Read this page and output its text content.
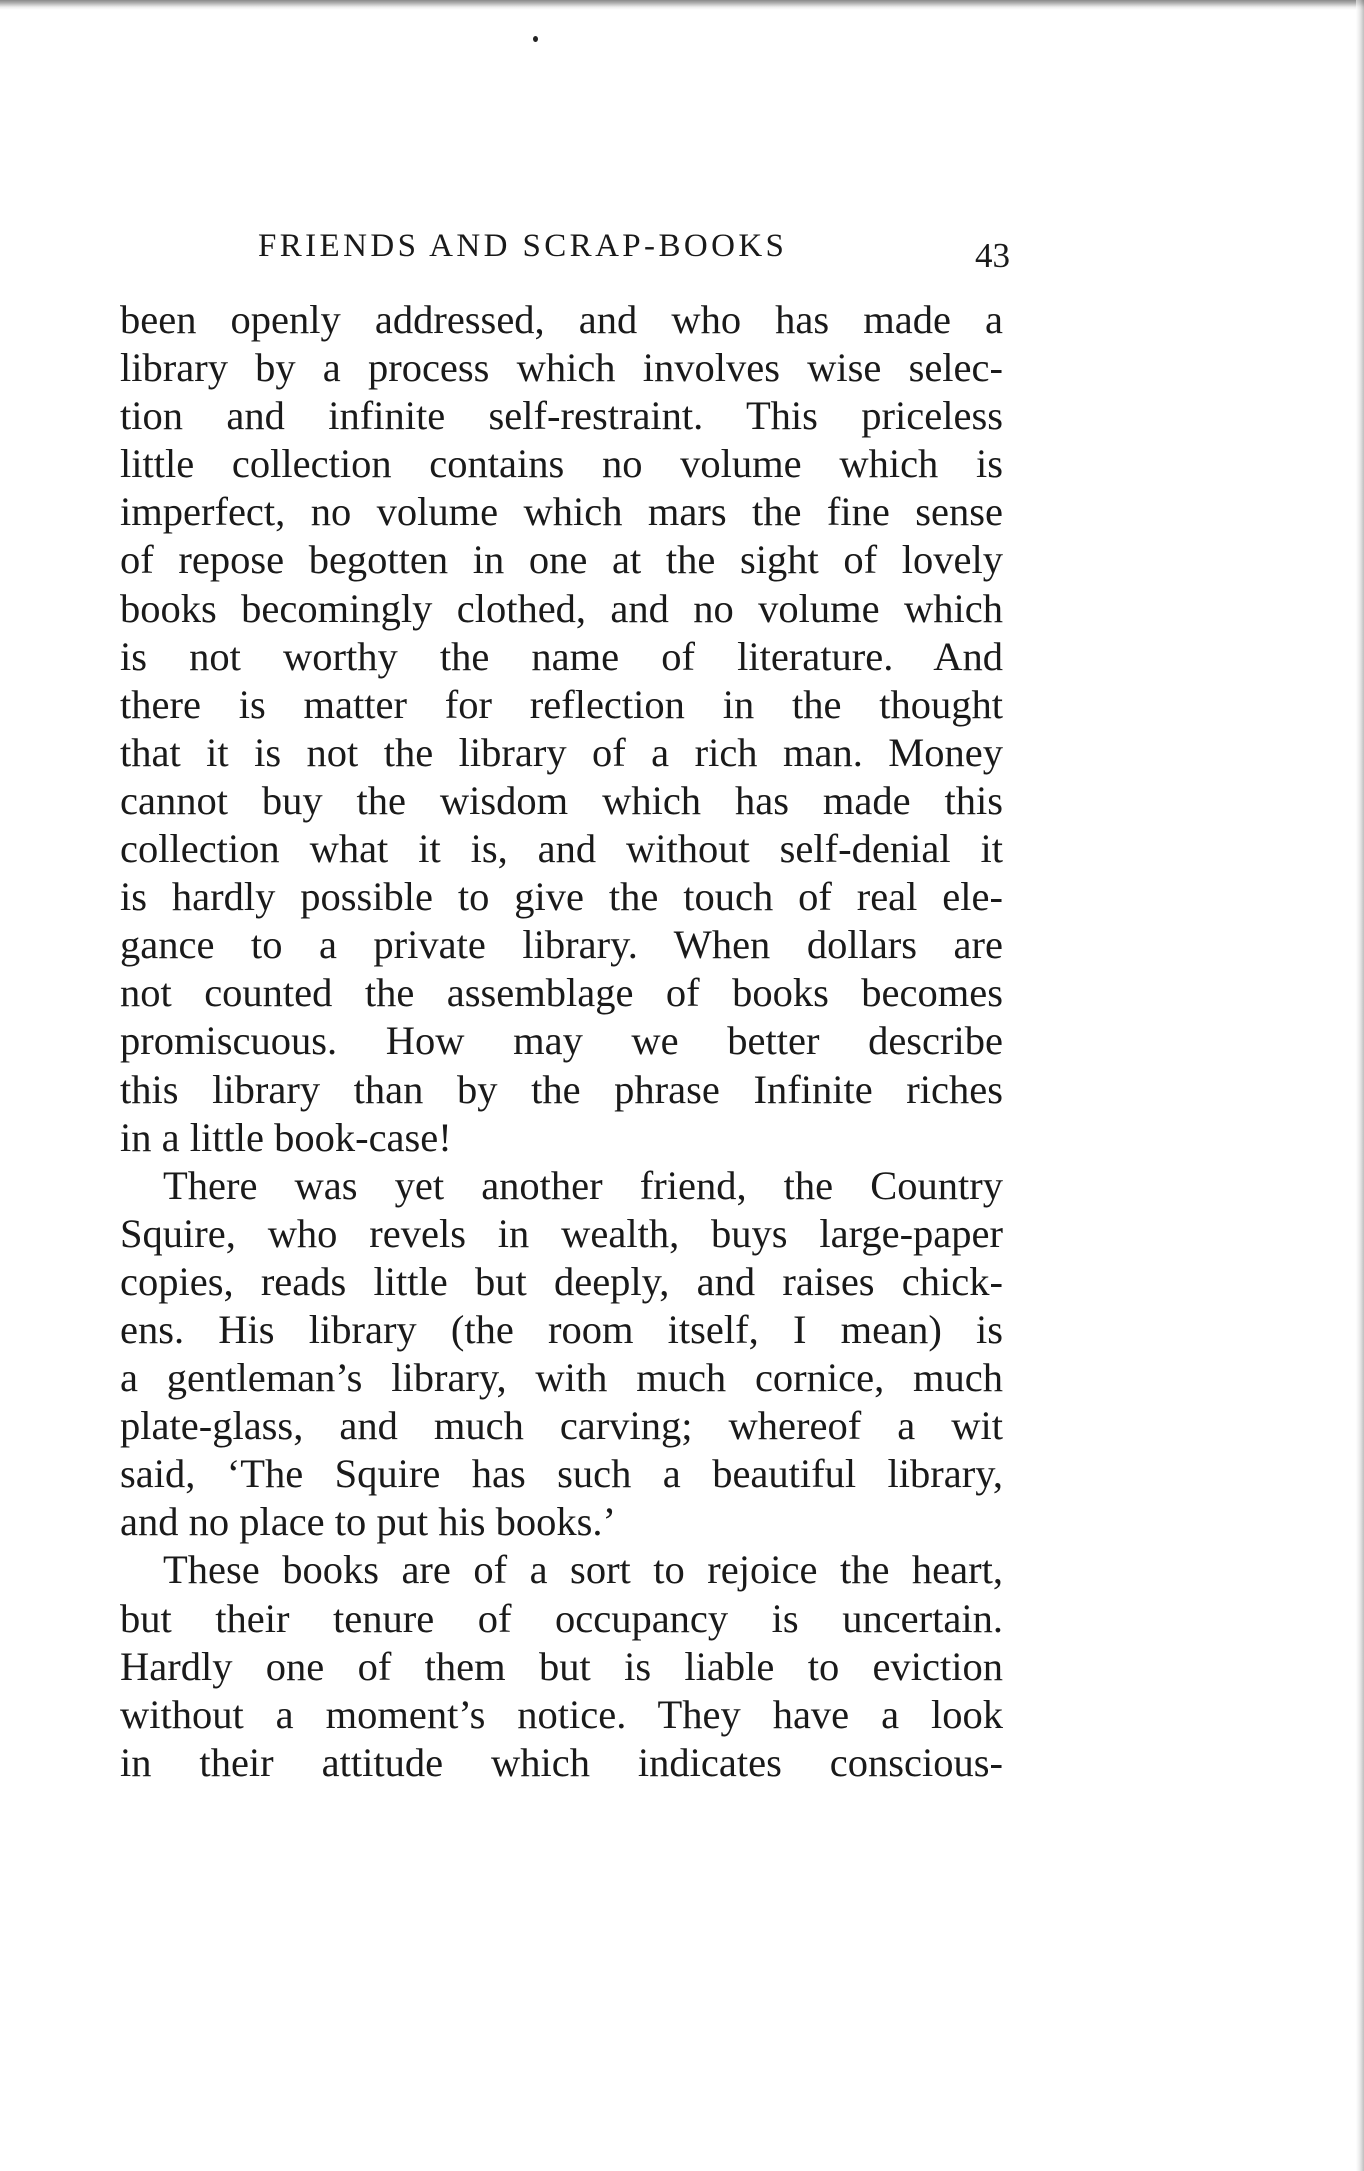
FRIENDS AND SCRAP-BOOKS	43
been openly addressed, and who has made a
library by a process which involves wise selec-
tion and infinite self-restraint. This priceless
little collection contains no volume which is
imperfect, no volume which mars the fine sense
of repose begotten in one at the sight of lovely
books becomingly clothed, and no volume which
is not worthy the name of literature. And
there is matter for reflection in the thought
that it is not the library of a rich man. Money
cannot buy the wisdom which has made this
collection what it is, and without self-denial it
is hardly possible to give the touch of real ele-
gance to a private library. When dollars are
not counted the assemblage of books becomes
promiscuous. How may we better describe
this library than by the phrase Infinite riches
in a little book-case!
There was yet another friend, the Country
Squire, who revels in wealth, buys large-paper
copies, reads little but deeply, and raises chick-
ens. His library (the room itself, I mean) is
a gentleman’s library, with much cornice, much
plate-glass, and much carving; whereof a wit
said, ‘The Squire has such a beautiful library,
and no place to put his books.’
These books are of a sort to rejoice the heart,
but their tenure of occupancy is uncertain.
Hardly one of them but is liable to eviction
without a moment’s notice. They have a look
in their attitude which indicates conscious-
